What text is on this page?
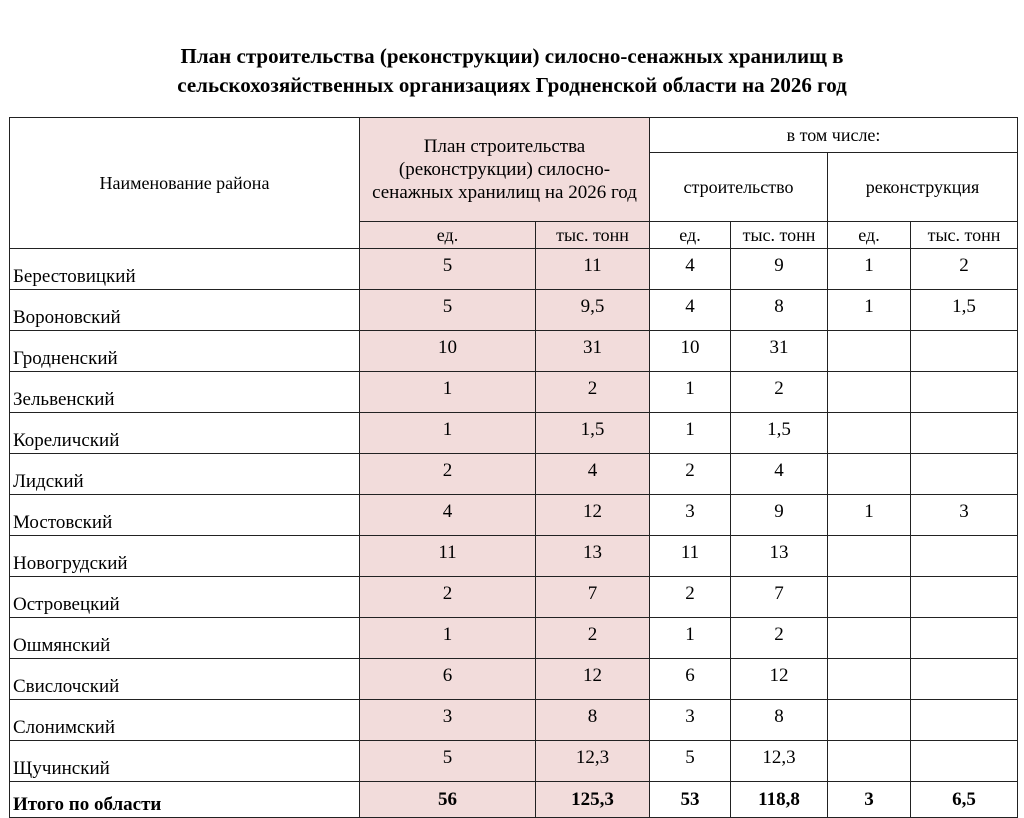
План строительства (реконструкции) силосно-сенажных хранилищ в
сельскохозяйственных организациях Гродненской области на 2026 год
Наименование района	План строительства (реконструкции) силосно-сенажных хранилищ на 2026 год		в том числе:			
			строительство		реконструкция	
	ед.	тыс. тонн	ед.	тыс. тонн	ед.	тыс. тонн
Берестовицкий	5	11	4	9	1	2
Вороновский	5	9,5	4	8	1	1,5
Гродненский	10	31	10	31		
Зельвенский	1	2	1	2		
Кореличский	1	1,5	1	1,5		
Лидский	2	4	2	4		
Мостовский	4	12	3	9	1	3
Новогрудский	11	13	11	13		
Островецкий	2	7	2	7		
Ошмянский	1	2	1	2		
Свислочский	6	12	6	12		
Слонимский	3	8	3	8		
Щучинский	5	12,3	5	12,3		
Итого по области	56	125,3	53	118,8	3	6,5
